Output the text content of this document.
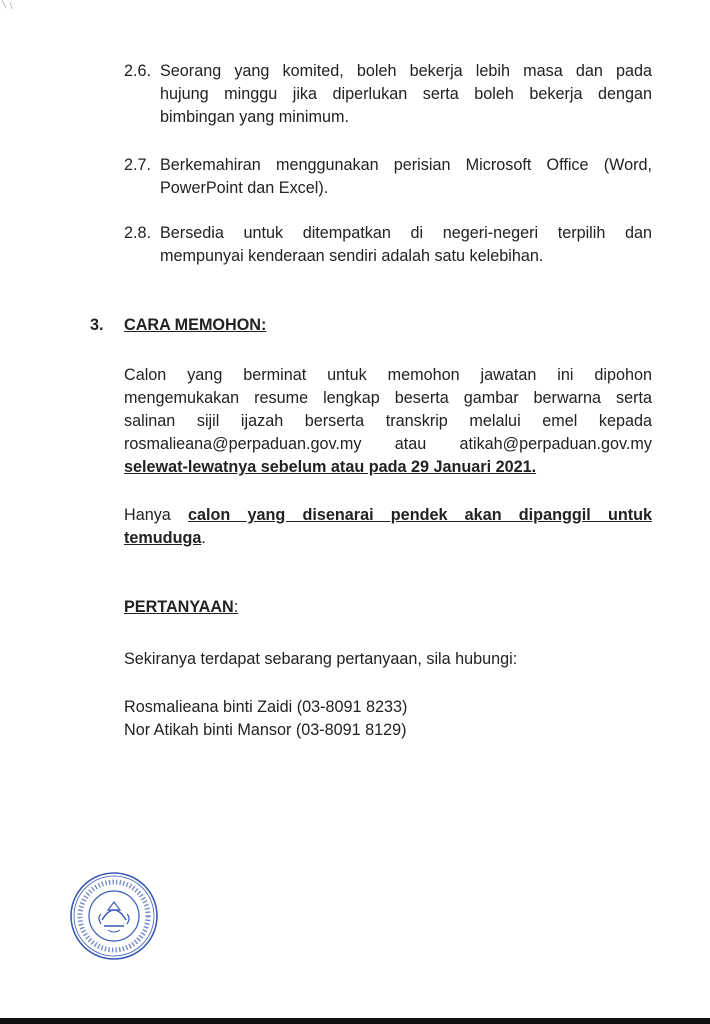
2.6. Seorang yang komited, boleh bekerja lebih masa dan pada
hujung minggu jika diperlukan serta boleh bekerja dengan
bimbingan yang minimum.
2.7. Berkemahiran menggunakan perisian Microsoft Office (Word,
PowerPoint dan Excel).
2.8. Bersedia untuk ditempatkan di negeri-negeri terpilih dan
mempunyai kenderaan sendiri adalah satu kelebihan.
3. CARA MEMOHON:
Calon yang berminat untuk memohon jawatan ini dipohon
mengemukakan resume lengkap beserta gambar berwarna serta
salinan sijil ijazah berserta transkrip melalui emel kepada
rosmalieana@perpaduan.gov.my atau atikah@perpaduan.gov.my
selewat-lewatnya sebelum atau pada 29 Januari 2021.
Hanya calon yang disenarai pendek akan dipanggil untuk
temuduga.
PERTANYAAN:
Sekiranya terdapat sebarang pertanyaan, sila hubungi:
Rosmalieana binti Zaidi (03-8091 8233)
Nor Atikah binti Mansor (03-8091 8129)
